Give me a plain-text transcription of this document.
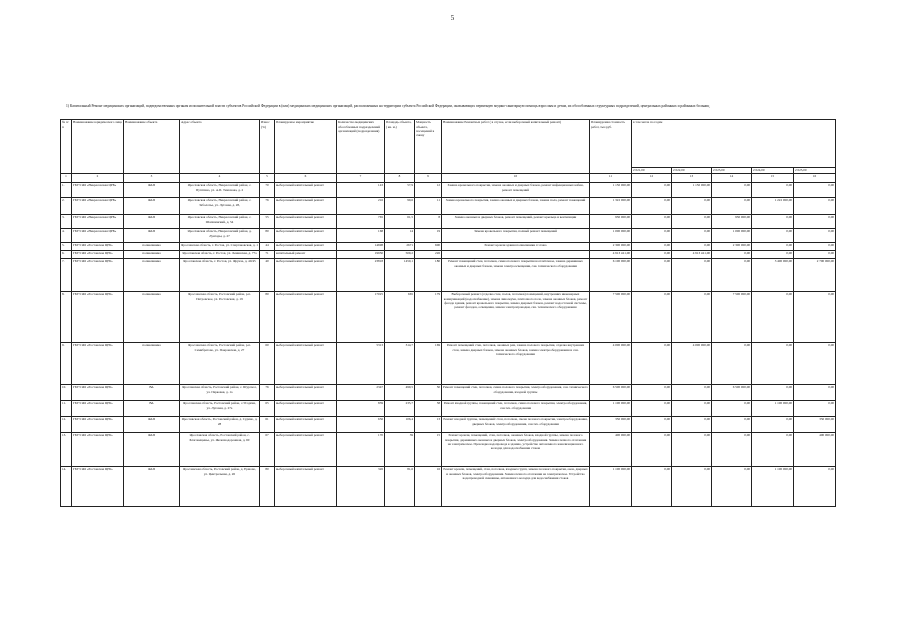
5
1) Капитальный Ремонт медицинских организаций, подведомственных органам исполнительной власти субъектов Российской Федерации в (или) медицинских медицинских организаций, расположенных на территории субъекта Российской Федерации, оказывающих первичную медико-санитарную помощь взрослым и детям, их обособленных структурных подразделений, центральных районных и районных больниц
№ п/п	Наименование юридического лица	Наименование объекта	Адрес объекта	Износ (%)	Планируемое мероприятие	Количество медицинских обособленных подразделений организаций (подразделения)	Площадь объекта, ( кв. м.)	Мощность объекта, посещений в смену	Наименование Ремонтных работ ( в случае, если выборочный капитальный ремонт)	Планируемая стоимость работ, тыс.руб.	в том числе по годам				
											2 021,00	2 022,00	2 023,00	2 024,00	2 025,00
1	2	3	4	5	6	7	8	9	10	11	12	13	14	15	16
1.	ГБУЗ ЯО «Некрасовская ЦРБ»	ФАП	Ярославская область, Некрасовский район, с. Путятино, ул. А.П. Тимохова, д. 2	70	выборочный капитальный ремонт	143	57,9	12	Замена кровельного покрытия, замена оконных и дверных блоков, ремонт инфекционных кабин, ремонт помещений	1 150 000,00	0,00	1 150 000,00	0,00	0,00	0,00
2.	ГБУЗ ЯО «Некрасовская ЦРБ»	ФАП	Ярославская область, Некрасовский район, с. Заболотье, ул. Луговая, д. 28,	76	выборочный капитальный ремонт	216	99,6	11	Замена кровельного покрытия, замена оконных и дверных блоков, замена пола, ремонт помещений	1 322 000,00	0,00	0,00	0,00	1 222 000,00	0,00
3.	ГБУЗ ЯО «Некрасовская ЦРБ»	ФАП	Ярославская область, Некрасовский район, с. Шопшинский, д. 54	55	выборочный капитальный ремонт	765	61,5	8	Замена оконных и дверных блоков, ремонт помещений, ремонт крыльца и вентиляции	930 000,00	0,00	0,00	930 000,00	0,00	0,00
4.	ГБУЗ ЯО «Некрасовская ЦРБ»	ФАП	Ярославская область, Некрасовский район, д. Лунгоры, д. 27	80	выборочный капитальный ремонт	168	14	19	Замена кровельного покрытия, полный ремонт помещений	1 000 000,00	0,00	0,00	1 000 000,00	0,00	0,00
5.	ГБУЗ ЯО «Ростовская ЦРБ»	поликлиника	Ярославская область, г. Ростов, ул. Спартаковская, д. 1	44	выборочный капитальный ремонт	14698	2671	600	Ремонт кровли здания поликлиники 4 этажа	2 300 000,00	0,00	0,00	2 300 000,00	0,00	0,00
6.	ГБУЗ ЯО «Ростовская ЦРБ»	поликлиника	Ярославская область, г. Ростов, ул. Ленинская, д. 77а	71	капитальный ремонт	19950	509,2	226		4 913 421,00	0,00	4 913 421,00	0,00	0,00	0,00
7.	ГБУЗ ЯО «Ростовская ЦРБ»	поликлиника	Ярославская область, г. Ростов, ул. Фрунзе, д. 40/45	40	выборочный капитальный ремонт	23818	1450,1	180	Ремонт помещений стен, потолков, смена полового покрытия на плиточное, замена деревянных оконных и дверных блоков, замена электроосвещения, сан. технического оборудования	6 100 000,00	0,00	0,00	0,00	3 400 000,00	2 700 000,00
8.	ГБУЗ ЯО «Ростовская ЦРБ»	поликлиника	Ярославская область, Ростовский район, р.п. Петровское, ул. Ростовская, д. 19	80	выборочный капитальный ремонт	17025	665	179	Выборочный ремонт (отделка стен, полов, потолков) помещений, внутренних инженерных коммуникаций (водоснабжение), замена линолеума, плиточного пола, замена оконных блоков, ремонт фасада здания, ремонт кровельного покрытия, замена дверных блоков, ремонт водосточной системы, ремонт фасадов, освещения, замена электропроводки, сан. технического оборудования	7 500 000,00	0,00	0,00	7 500 000,00	0,00	0,00
9.	ГБУЗ ЯО «Ростовская ЦРБ»	поликлиника	Ярославская область, Ростовский район, р.п. Семибратово, ул. Покровская, д. 27	60	выборочный капитальный ремонт	5313	314,7	169	Ремонт помещений стен, потолков, оконных рам, замена полового покрытия, отделка внутренних стен, замена дверных блоков, замена оконных блоков, замена электрооборудования и сан. технического оборудования	4 000 000,00	0,00	4 000 000,00	0,00	0,00	0,00
10.	ГБУЗ ЯО «Ростовская ЦРБ»	ВА	Ярославская область, Ростовский район, с. Шурскол, ул. Парковая, д. 1а	76	выборочный капитальный ремонт	2347	499,5	50	Ремонт помещений стен, потолков, смена полового покрытия, электрооборудования, сан. технического оборудования, входной группы	6 500 000,00	0,00	0,00	6 500 000,00	0,00	0,00
11.	ГБУЗ ЯО «Ростовская ЦРБ»	ВА	Ярославская область, Ростовский район, с.Угодичи, ул. Луговая, д. 27а	65	выборочный капитальный ремонт	839	235,7	58	Ремонт входной группы, помещений стен, потолков, смена полового покрытия, электрооборудования, сан.тех. оборудования	1 100 000,00	0,00	0,00	0,00	1 100 000,00	0,00
12.	ГБУЗ ЯО «Ростовская ЦРБ»	ФАП	Ярославская область, Ростовский район, д. Судино, д. 28	61	выборочный капитальный ремонт	656	106,4	13	Ремонт входной группы, помещений: стен, потолков, смена полового покрытия, электрооборудования, дверных блоков, электрооборудования, сан.тех. оборудования	350 000,00	0,00	0,00	0,00	0,00	350 000,00
13.	ГБУЗ ЯО «Ростовская ЦРБ»	ФАП	Ярославская область, Ростовский район, с. Благовещенье, ул. Железнодорожная, д. 60	67	выборочный капитальный ремонт	170	39	15	Ремонт кровли, помещений, стен, потолков, оконных блоков, входной группы, замена полового покрытия, деревянных оконных и дверных блоков, электрооборудования. Замена печного отопления на электрическое. Прокладка водопровода к зданию, устройство автономного канализационного колодца для водоснабжения стоков	400 000,00	0,00	0,00	0,00	0,00	400 000,00
14.	ГБУЗ ЯО «Ростовская ЦРБ»	ФАП	Ярославская область, Ростовский район, д. Ершово, ул. Центральная, д. 26	80	выборочный капитальный ремонт	326	81,6	16	Ремонт кровли, помещений, стен, потолков, входных групп, замена полового покрытия, окон, дверных и оконных блоков, электрооборудования. Замена печного отопления на электрическое. Устройство водопроводной скважины, автономного колодца для водоснабжения стоков	1 100 000,00	0,00	0,00	0,00	1 100 000,00	0,00
